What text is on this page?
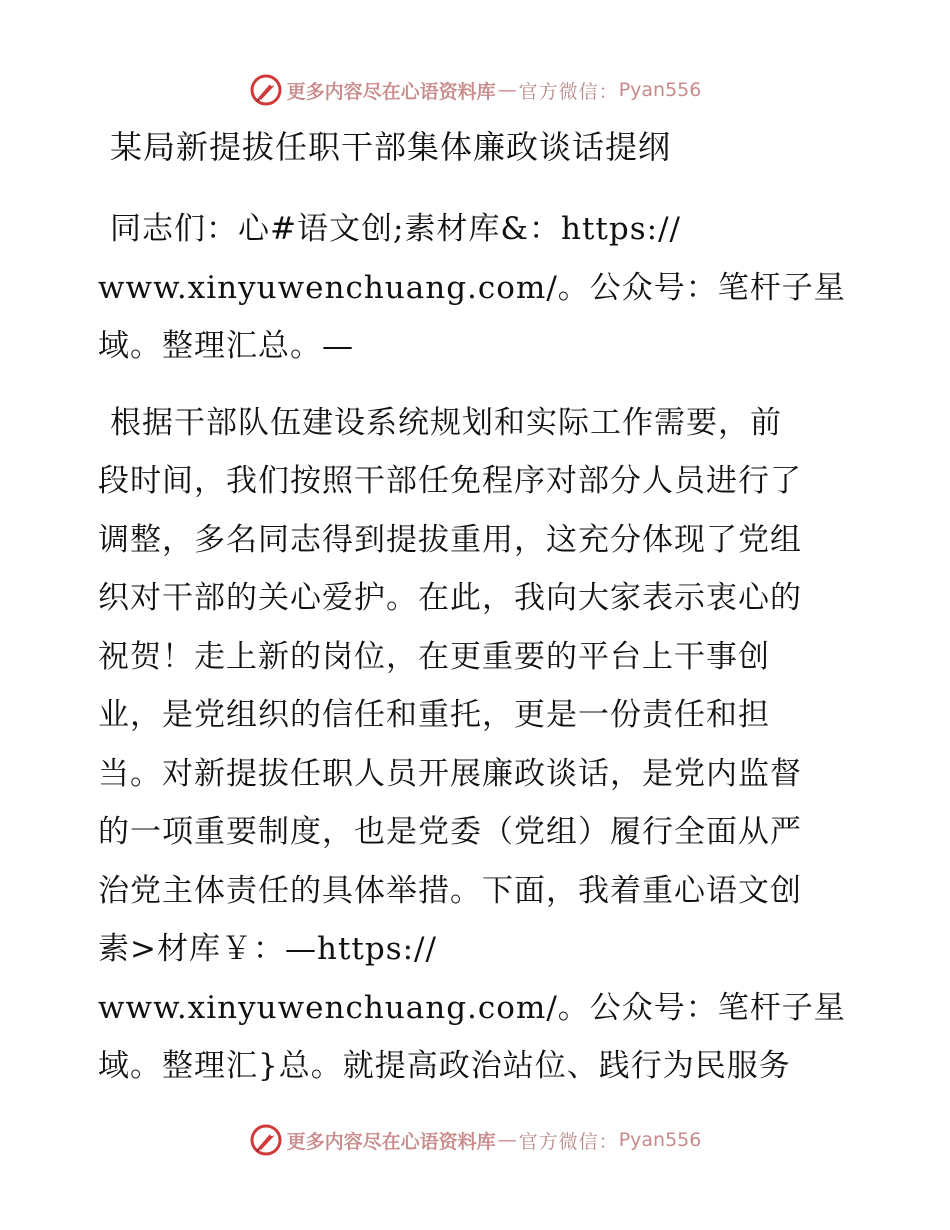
更多内容尽在心语资料库 — 官方微信： Pyan556
某局新提拔任职干部集体廉政谈话提纲

同志们：心#语文创;素材库&：https://
www.xinyuwenchuang.com/。公众号：笔杆子星
域。整理汇总。—

根据干部队伍建设系统规划和实际工作需要，前
段时间，我们按照干部任免程序对部分人员进行了
调整，多名同志得到提拔重用，这充分体现了党组
织对干部的关心爱护。在此，我向大家表示衷心的
祝贺！走上新的岗位，在更重要的平台上干事创
业，是党组织的信任和重托，更是一份责任和担
当。对新提拔任职人员开展廉政谈话，是党内监督
的一项重要制度，也是党委（党组）履行全面从严
治党主体责任的具体举措。下面，我着重心语文创
素>材库￥：—https://
www.xinyuwenchuang.com/。公众号：笔杆子星
域。整理汇}总。就提高政治站位、践行为民服务

更多内容尽在心语资料库 — 官方微信： Pyan556
